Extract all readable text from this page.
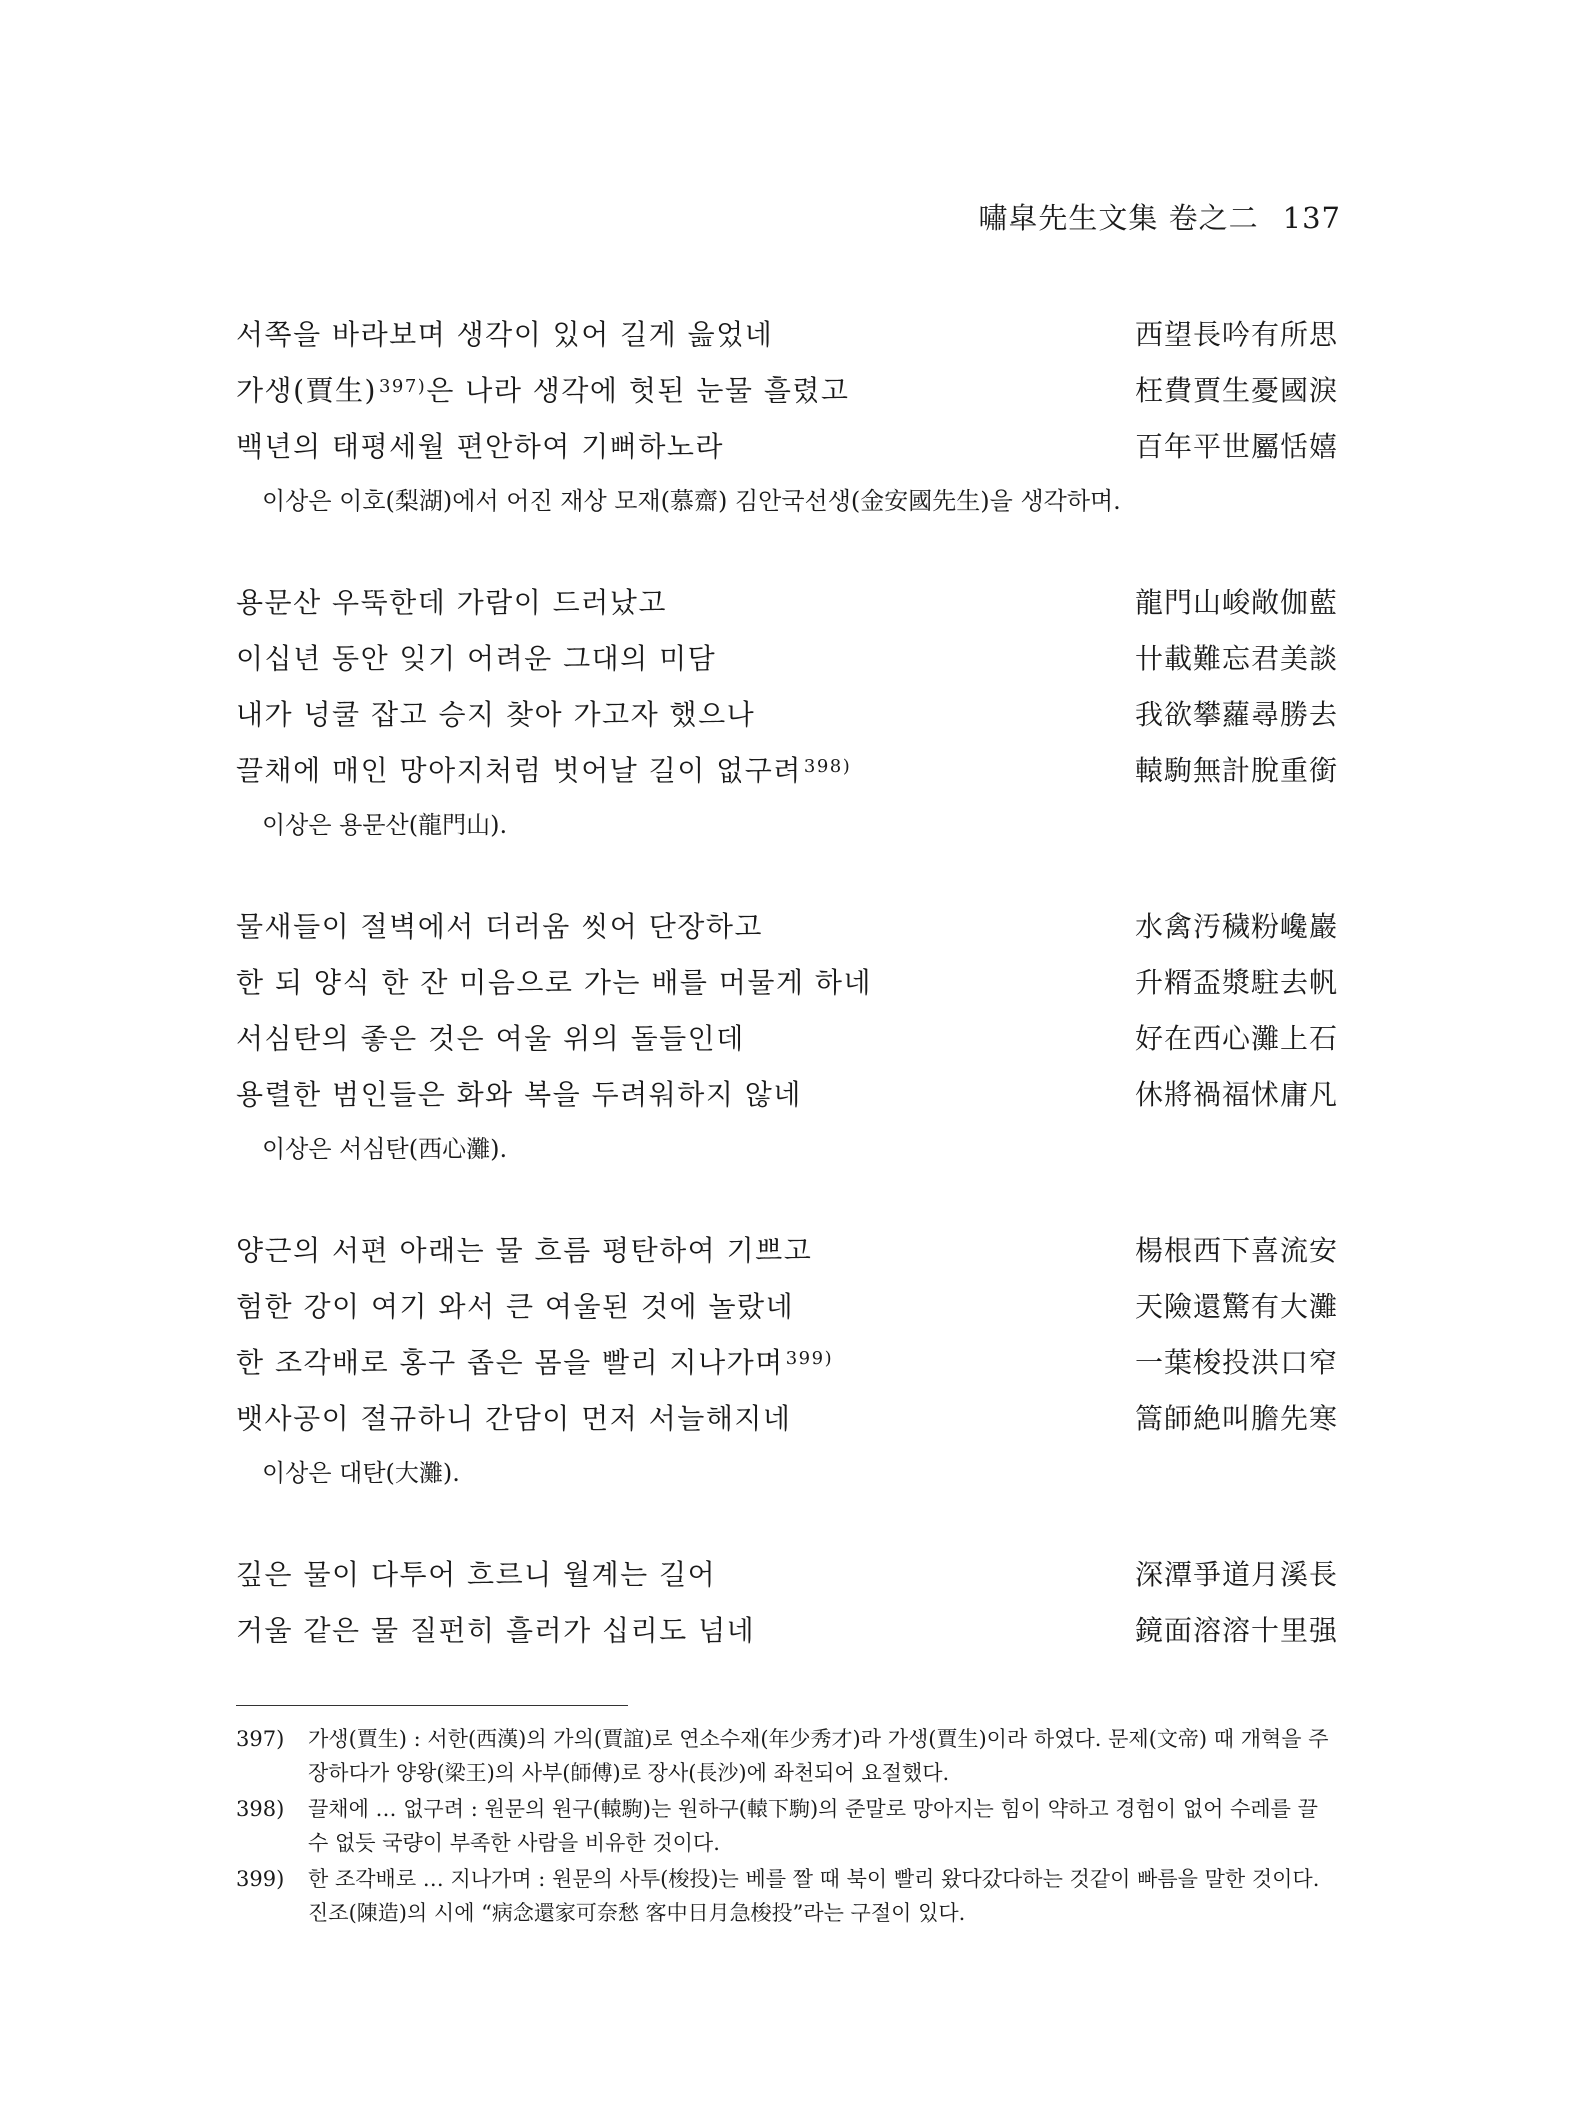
嘯皐先生文集 卷之二 137
서쪽을 바라보며 생각이 있어 길게 읊었네	西望長吟有所思
가생(賈生) $^{397)}$은 나라 생각에 헛된 눈물 흘렸고	枉費賈生憂國淚
백년의 태평세월 편안하여 기뻐하노라	百年平世屬恬嬉
이상은 이호(梨湖)에서 어진 재상 모재(慕齋) 김안국선생(金安國先生)을 생각하며.
용문산 우뚝한데 가람이 드러났고	龍門山峻敞伽藍
이십년 동안 잊기 어려운 그대의 미담	卄載難忘君美談
내가 넝쿨 잡고 승지 찾아 가고자 했으나	我欲攀蘿尋勝去
끌채에 매인 망아지처럼 벗어날 길이 없구려 $^{398)}$	轅駒無計脫重銜
이상은 용문산(龍門山).
물새들이 절벽에서 더러움 씻어 단장하고	水禽汚穢粉巉巖
한 되 양식 한 잔 미음으로 가는 배를 머물게 하네	升糈盃漿駐去帆
서심탄의 좋은 것은 여울 위의 돌들인데	好在西心灘上石
용렬한 범인들은 화와 복을 두려워하지 않네	休將禍福怵庸凡
이상은 서심탄(西心灘).
양근의 서편 아래는 물 흐름 평탄하여 기쁘고	楊根西下喜流安
험한 강이 여기 와서 큰 여울된 것에 놀랐네	天險還驚有大灘
한 조각배로 홍구 좁은 몸을 빨리 지나가며 $^{399)}$	一葉梭投洪口窄
뱃사공이 절규하니 간담이 먼저 서늘해지네	篙師絶叫膽先寒
이상은 대탄(大灘).
깊은 물이 다투어 흐르니 월계는 길어	深潭爭道月溪長
거울 같은 물 질펀히 흘러가 십리도 넘네	鏡面溶溶十里强
397)	가생(賈生) : 서한(西漢)의 가의(賈誼)로 연소수재(年少秀才)라 가생(賈生)이라 하였다. 문제(文帝) 때 개혁을 주장하다가 양왕(梁王)의 사부(師傅)로 장사(長沙)에 좌천되어 요절했다.
398)	끌채에 … 없구려 : 원문의 원구(轅駒)는 원하구(轅下駒)의 준말로 망아지는 힘이 약하고 경험이 없어 수레를 끌 수 없듯 국량이 부족한 사람을 비유한 것이다.
399)	한 조각배로 … 지나가며 : 원문의 사투(梭投)는 베를 짤 때 북이 빨리 왔다갔다하는 것같이 빠름을 말한 것이다. 진조(陳造)의 시에 “病念還家可奈愁 客中日月急梭投”라는 구절이 있다.
